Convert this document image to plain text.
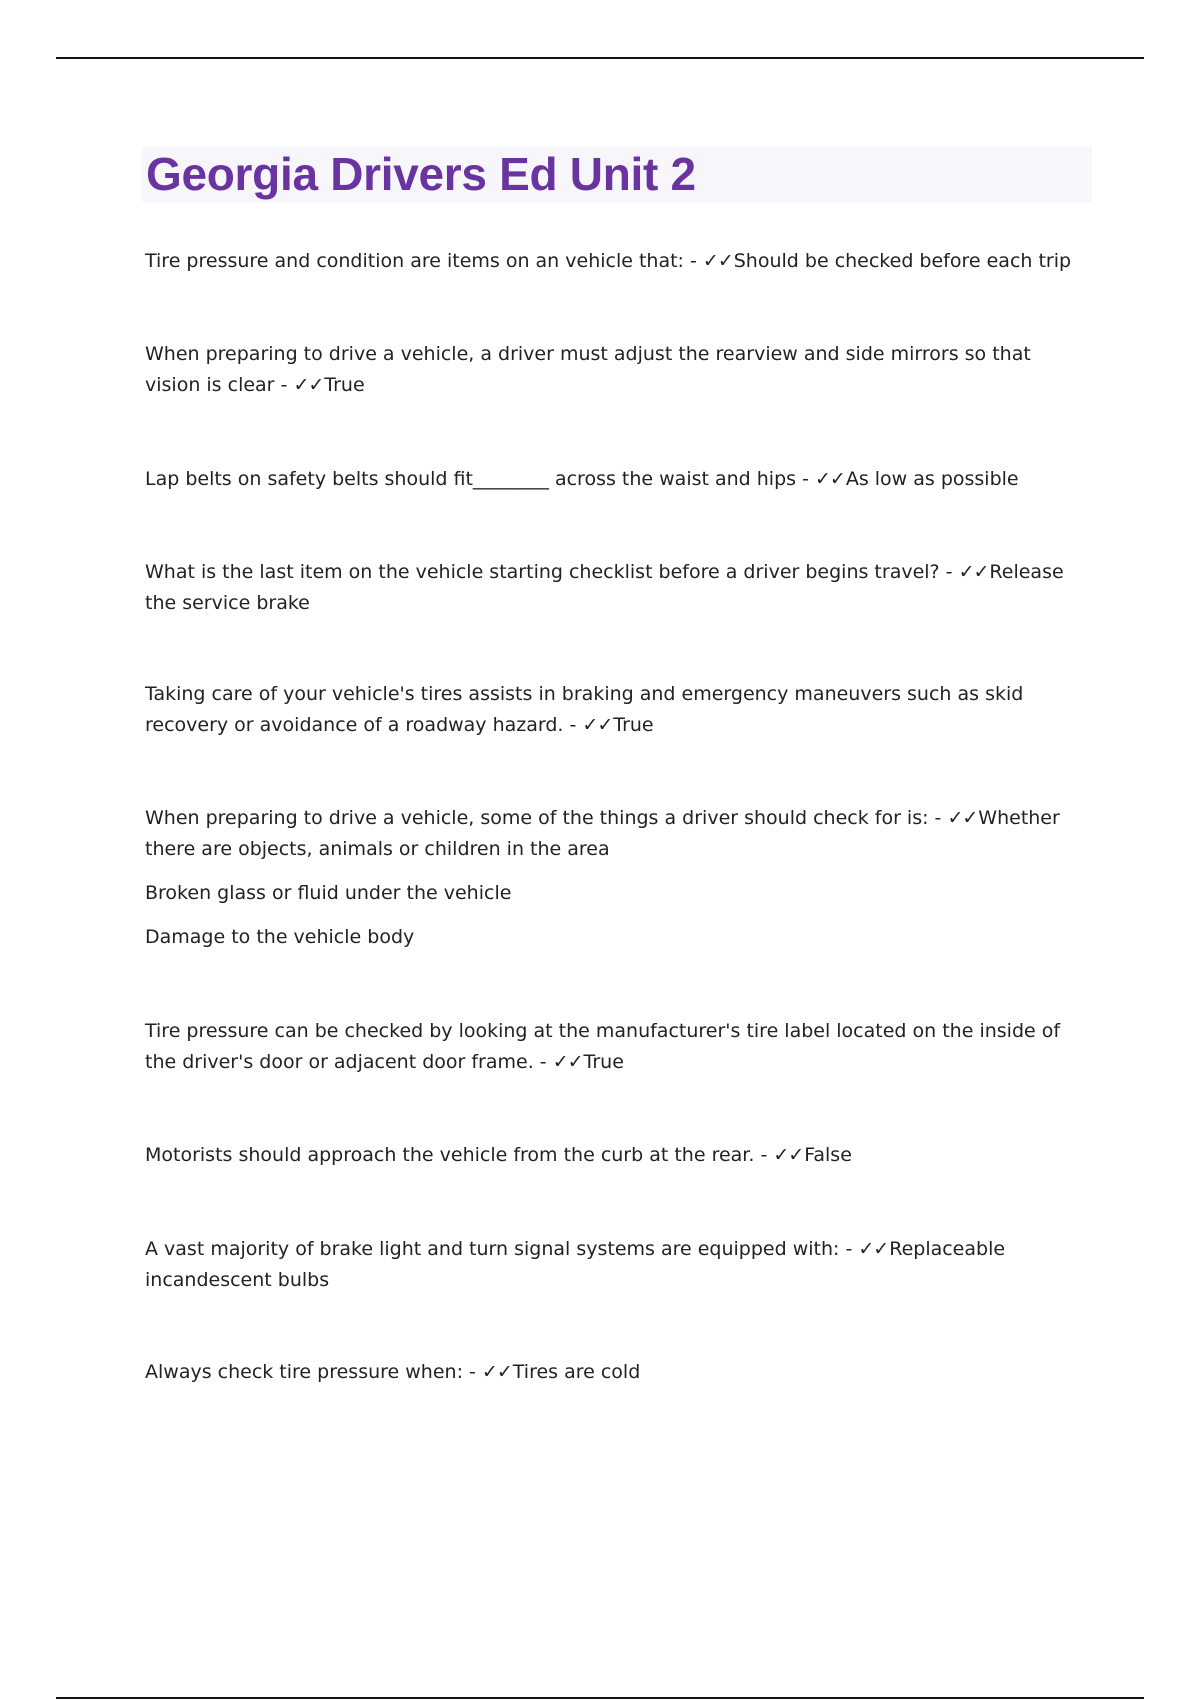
Georgia Drivers Ed Unit 2

Tire pressure and condition are items on an vehicle that: - ✓✓Should be checked before each trip

When preparing to drive a vehicle, a driver must adjust the rearview and side mirrors so that vision is clear - ✓✓True

Lap belts on safety belts should fit________ across the waist and hips - ✓✓As low as possible

What is the last item on the vehicle starting checklist before a driver begins travel? - ✓✓Release the service brake

Taking care of your vehicle's tires assists in braking and emergency maneuvers such as skid recovery or avoidance of a roadway hazard. - ✓✓True

When preparing to drive a vehicle, some of the things a driver should check for is: - ✓✓Whether there are objects, animals or children in the area

Broken glass or fluid under the vehicle

Damage to the vehicle body

Tire pressure can be checked by looking at the manufacturer's tire label located on the inside of the driver's door or adjacent door frame. - ✓✓True

Motorists should approach the vehicle from the curb at the rear. - ✓✓False

A vast majority of brake light and turn signal systems are equipped with: - ✓✓Replaceable incandescent bulbs

Always check tire pressure when: - ✓✓Tires are cold
